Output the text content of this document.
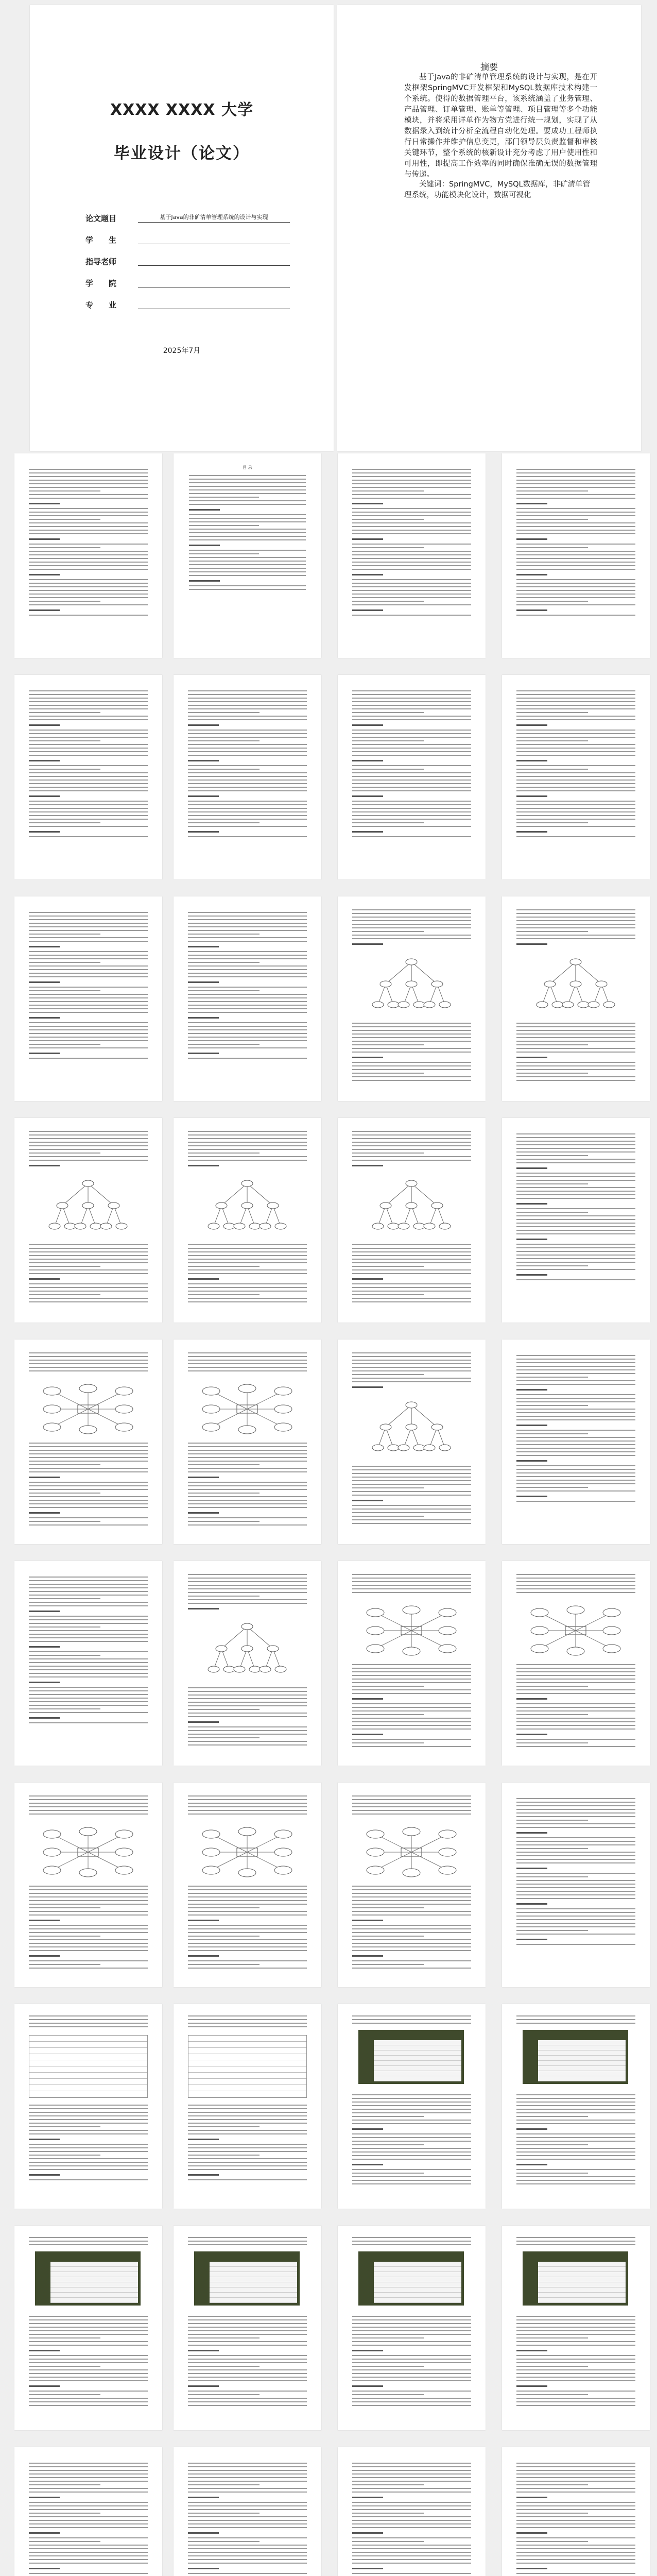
XXXX XXXX 大学
毕业设计（论文）
论文题目	基于Java的非矿清单管理系统的设计与实现
学　　生
指导老师
学　　院
专　　业
2025年7月
摘要
基于Java的非矿清单管理系统的设计与实现，是在开发框架SpringMVC开发框架和MySQL数据库技术构建一个系统。使得的数据管理平台，该系统涵盖了业务管理、产品管理、订单管理、账单等管理、项目管理等多个功能模块，并将采用详单作为物方党进行统一规划，实现了从数据录入到统计分析全流程自动化处理。要成功工程师执行日常操作并维护信息变更，部门领导层负责监督和审核关键环节，整个系统的核新设计充分考虑了用户使用性和可用性，即提高工作效率的同时确保准确无误的数据管理与传递。
关键词：SpringMVC，MySQL数据库，非矿清单管理系统，功能模块化设计，数据可视化
目 录
